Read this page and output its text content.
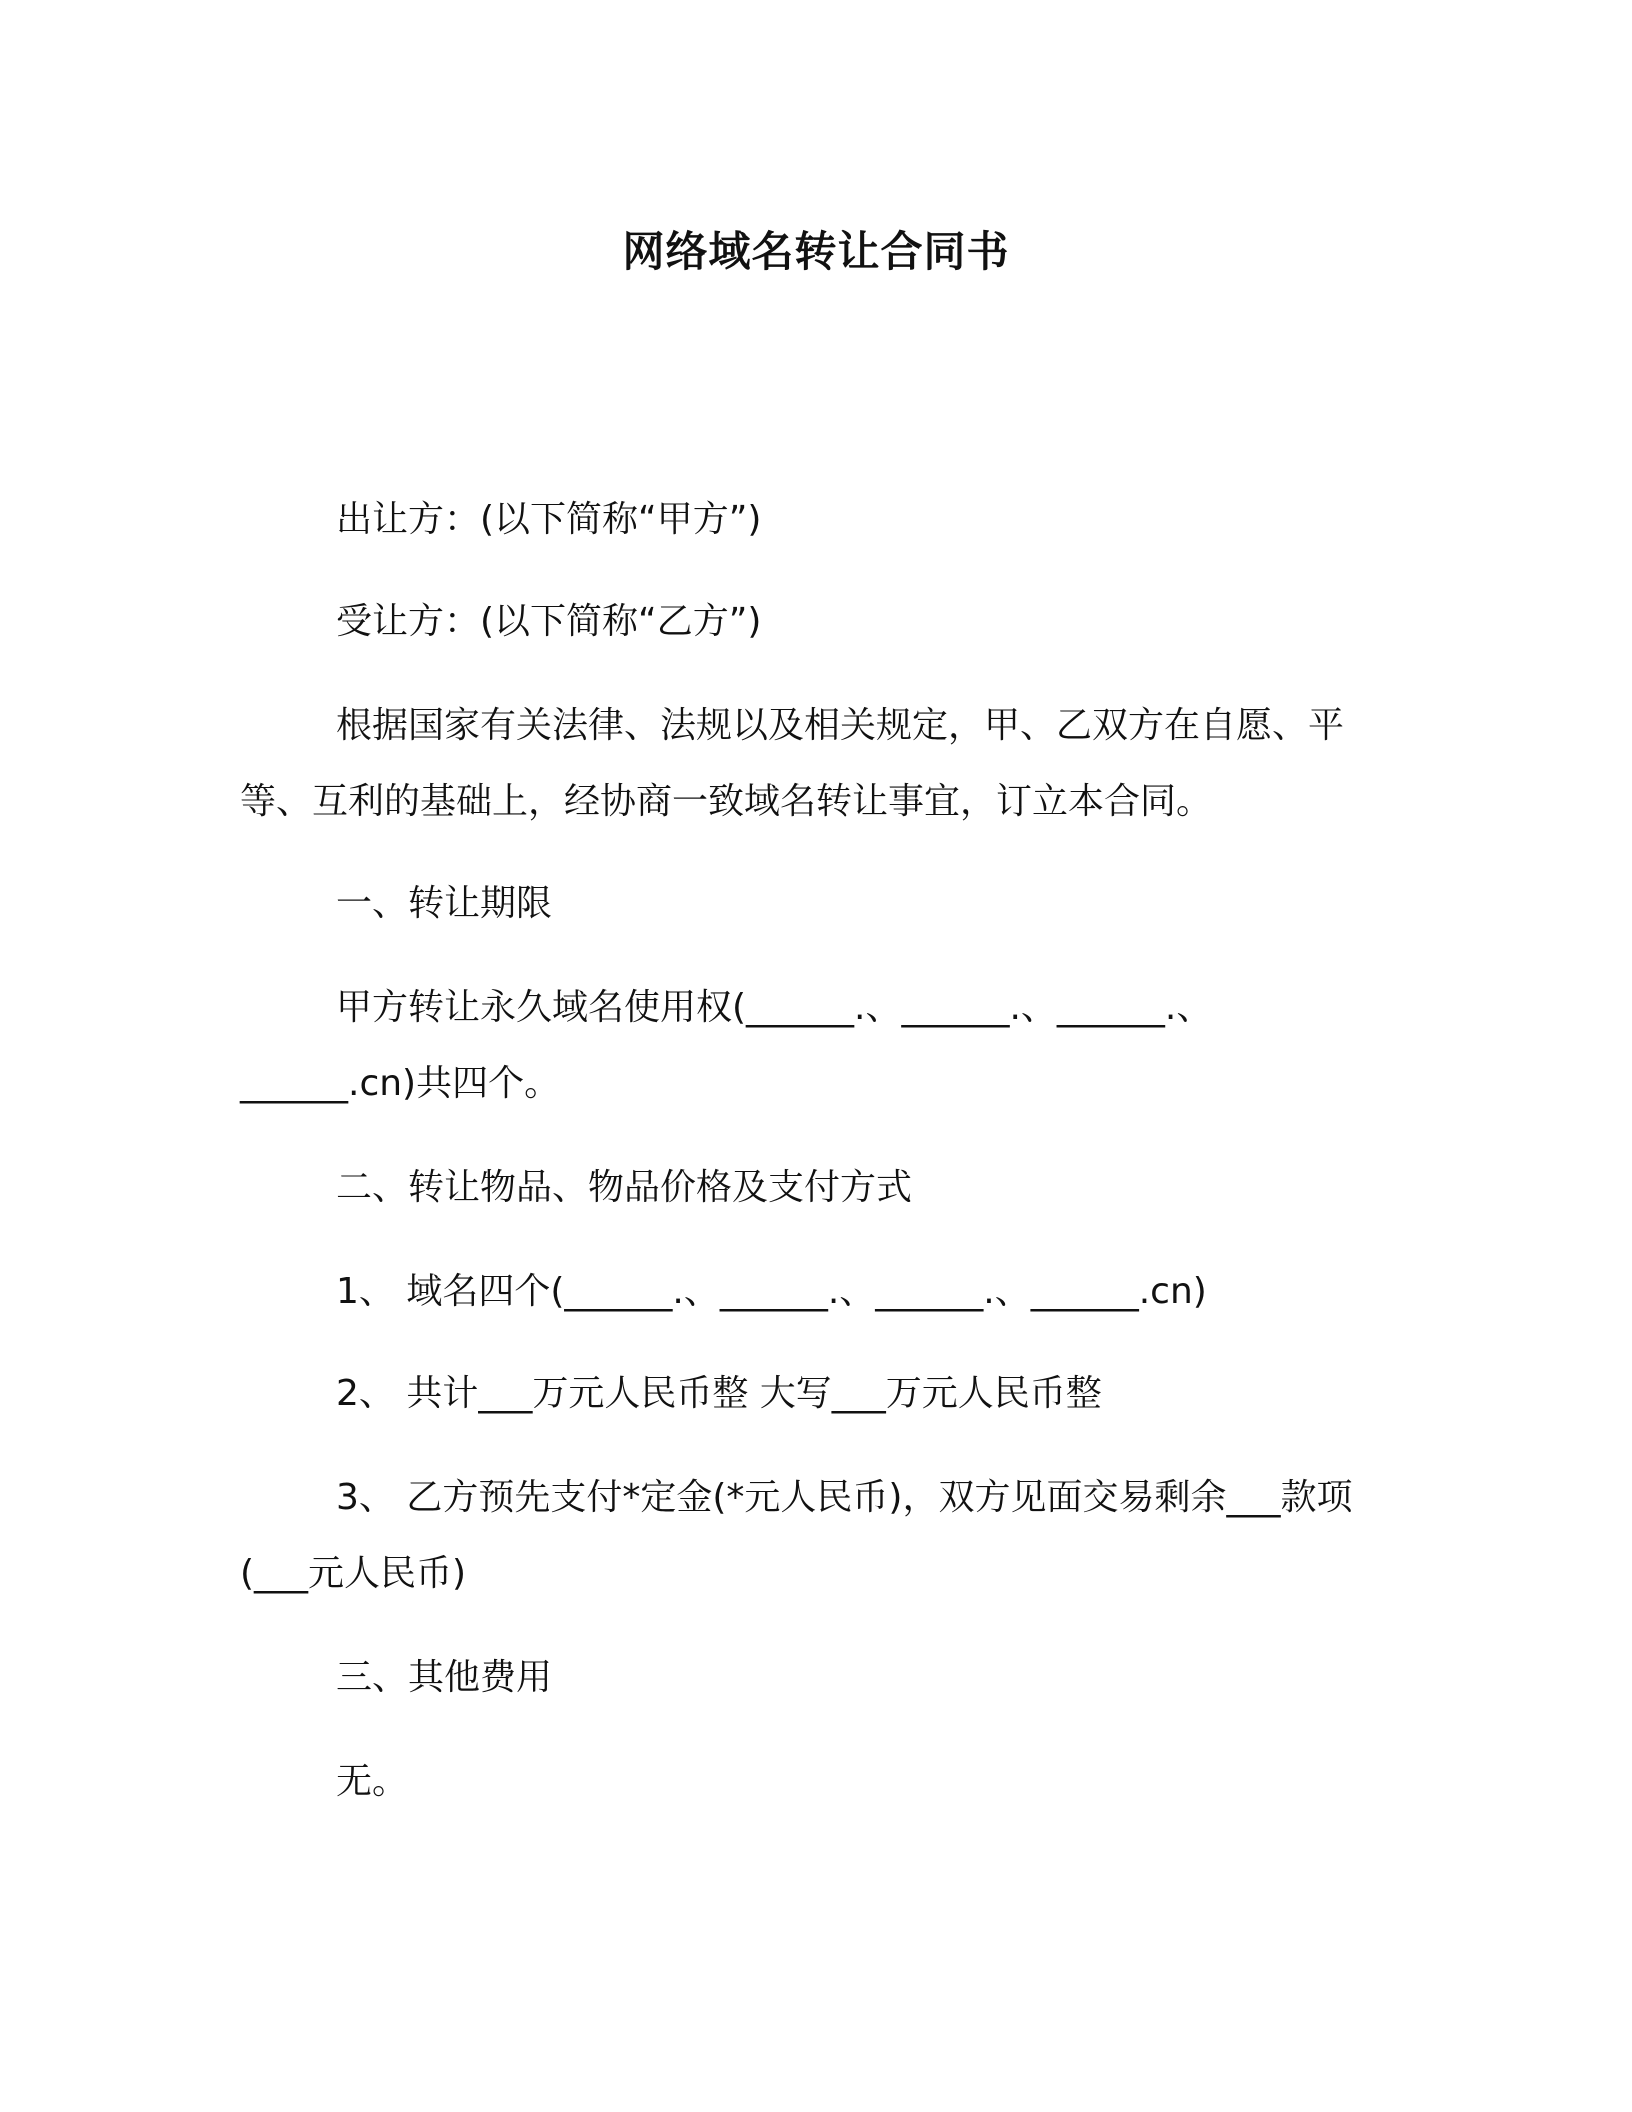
网络域名转让合同书
出让方：(以下简称“甲方”)
受让方：(以下简称“乙方”)
根据国家有关法律、法规以及相关规定，甲、乙双方在自愿、平
等、互利的基础上，经协商一致域名转让事宜，订立本合同。
一、转让期限
甲方转让永久域名使用权(______.、______.、______.、
______.cn)共四个。
二、转让物品、物品价格及支付方式
1、 域名四个(______.、______.、______.、______.cn)
2、 共计___万元人民币整 大写___万元人民币整
3、 乙方预先支付*定金(*元人民币)，双方见面交易剩余___款项
(___元人民币)
三、其他费用
无。
